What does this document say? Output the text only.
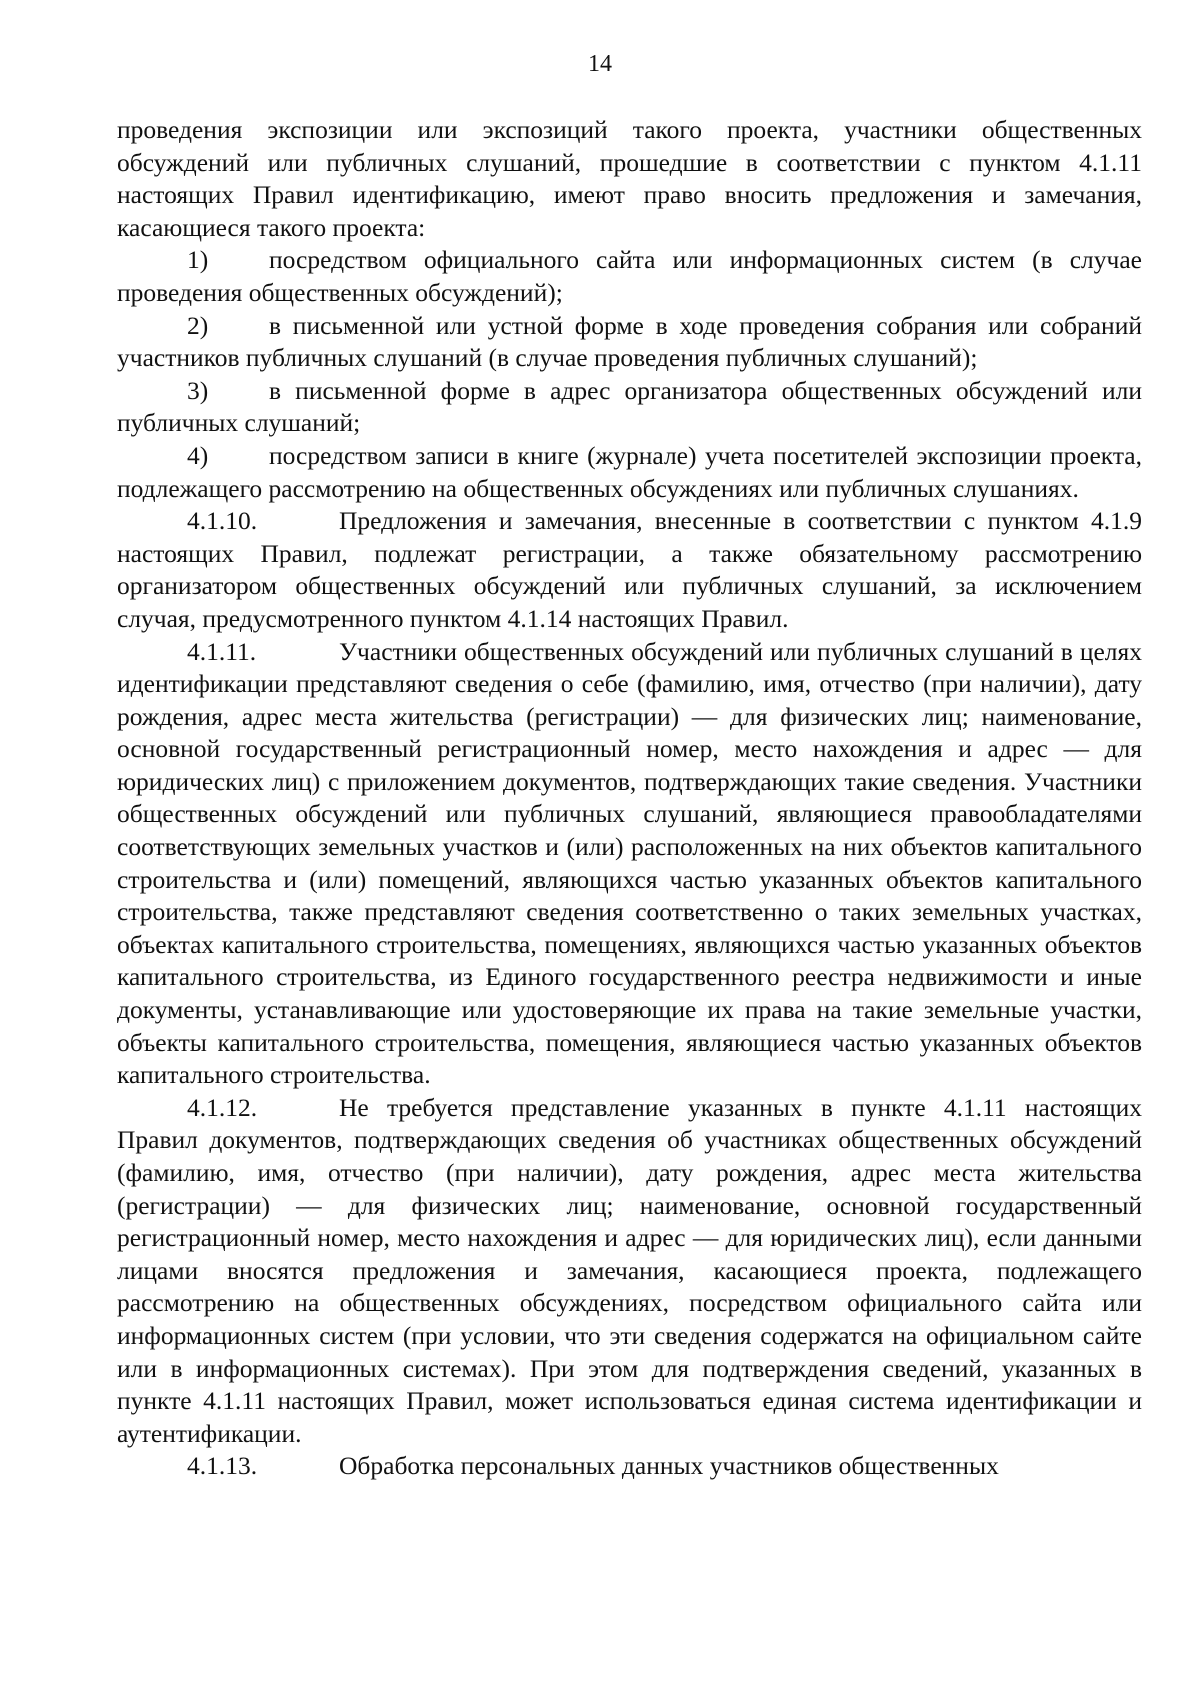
14

проведения экспозиции или экспозиций такого проекта, участники общественных обсуждений или публичных слушаний, прошедшие в соответствии с пунктом 4.1.11 настоящих Правил идентификацию, имеют право вносить предложения и замечания, касающиеся такого проекта:

1) посредством официального сайта или информационных систем (в случае проведения общественных обсуждений);

2) в письменной или устной форме в ходе проведения собрания или собраний участников публичных слушаний (в случае проведения публичных слушаний);

3) в письменной форме в адрес организатора общественных обсуждений или публичных слушаний;

4) посредством записи в книге (журнале) учета посетителей экспозиции проекта, подлежащего рассмотрению на общественных обсуждениях или публичных слушаниях.

4.1.10.	Предложения и замечания, внесенные в соответствии с пунктом 4.1.9 настоящих Правил, подлежат регистрации, а также обязательному рассмотрению организатором общественных обсуждений или публичных слушаний, за исключением случая, предусмотренного пунктом 4.1.14 настоящих Правил.

4.1.11.	Участники общественных обсуждений или публичных слушаний в целях идентификации представляют сведения о себе (фамилию, имя, отчество (при наличии), дату рождения, адрес места жительства (регистрации) — для физических лиц; наименование, основной государственный регистрационный номер, место нахождения и адрес — для юридических лиц) с приложением документов, подтверждающих такие сведения. Участники общественных обсуждений или публичных слушаний, являющиеся правообладателями соответствующих земельных участков и (или) расположенных на них объектов капитального строительства и (или) помещений, являющихся частью указанных объектов капитального строительства, также представляют сведения соответственно о таких земельных участках, объектах капитального строительства, помещениях, являющихся частью указанных объектов капитального строительства, из Единого государственного реестра недвижимости и иные документы, устанавливающие или удостоверяющие их права на такие земельные участки, объекты капитального строительства, помещения, являющиеся частью указанных объектов капитального строительства.

4.1.12.	Не требуется представление указанных в пункте 4.1.11 настоящих Правил документов, подтверждающих сведения об участниках общественных обсуждений (фамилию, имя, отчество (при наличии), дату рождения, адрес места жительства (регистрации) — для физических лиц; наименование, основной государственный регистрационный номер, место нахождения и адрес — для юридических лиц), если данными лицами вносятся предложения и замечания, касающиеся проекта, подлежащего рассмотрению на общественных обсуждениях, посредством официального сайта или информационных систем (при условии, что эти сведения содержатся на официальном сайте или в информационных системах). При этом для подтверждения сведений, указанных в пункте 4.1.11 настоящих Правил, может использоваться единая система идентификации и аутентификации.

4.1.13.	Обработка персональных данных участников общественных
